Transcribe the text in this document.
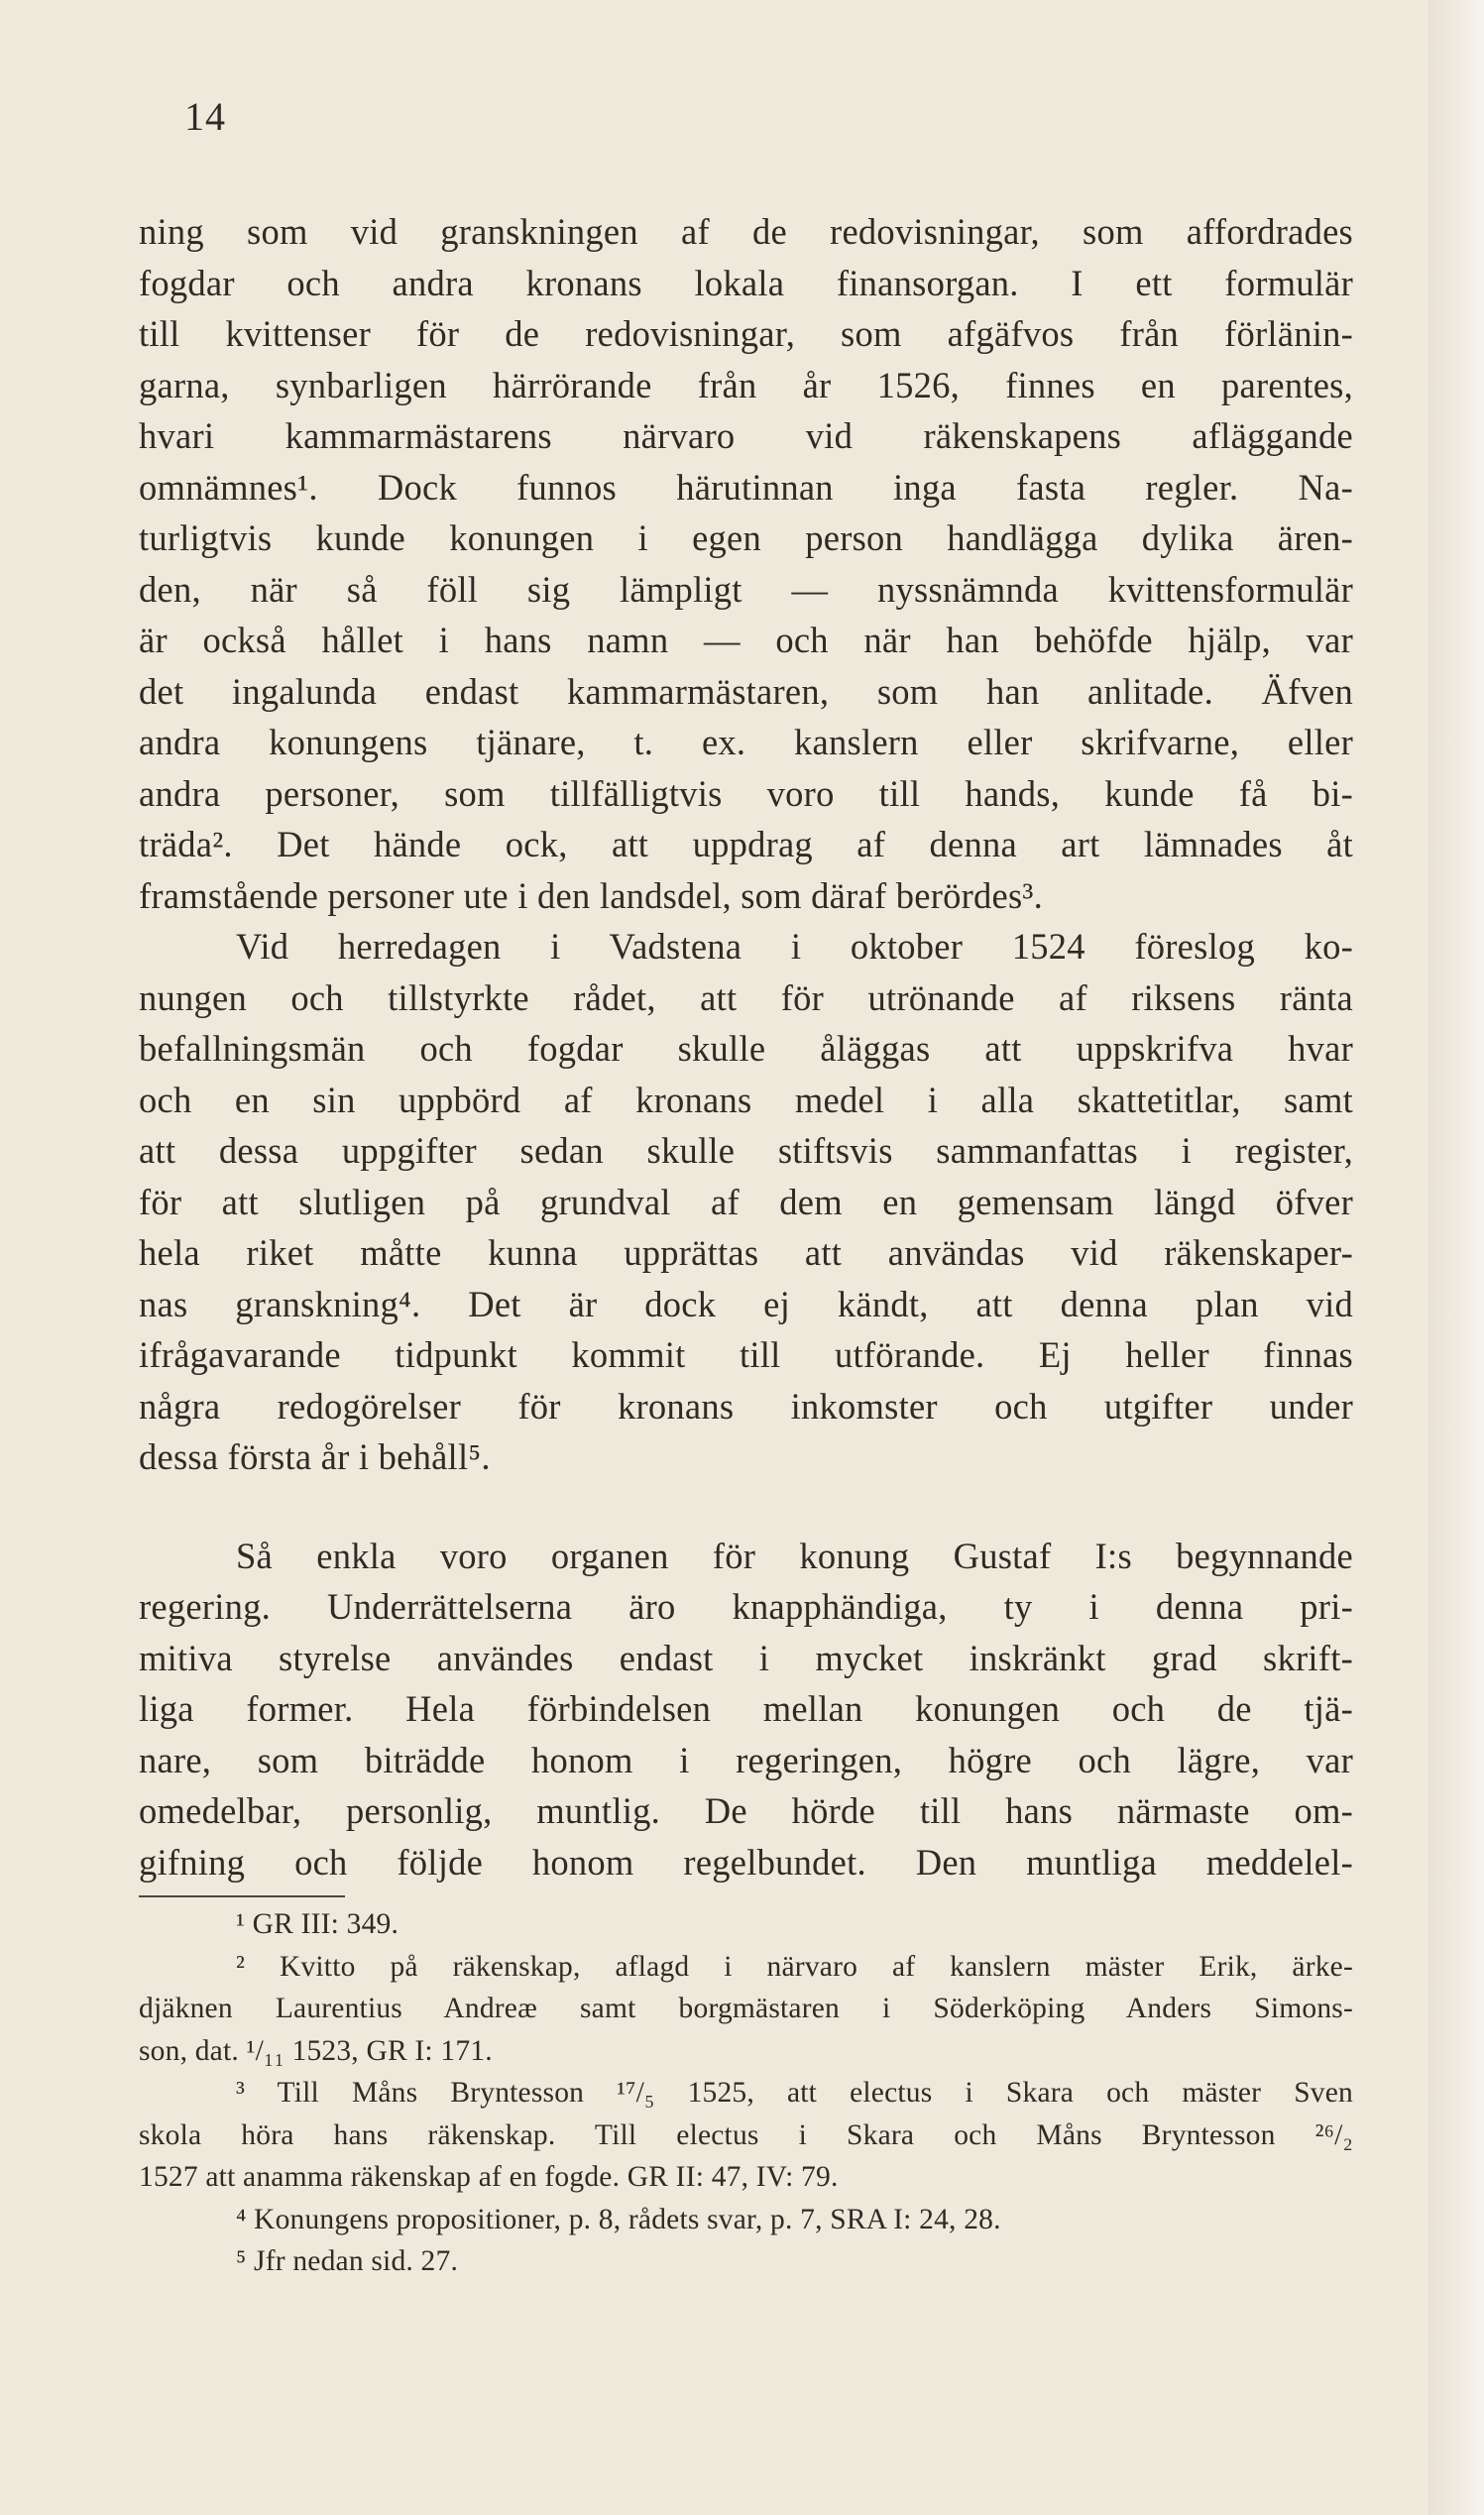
14
ning som vid granskningen af de redovisningar, som affordrades
fogdar och andra kronans lokala finansorgan. I ett formulär
till kvittenser för de redovisningar, som afgäfvos från förlänin-
garna, synbarligen härrörande från år 1526, finnes en parentes,
hvari kammarmästarens närvaro vid räkenskapens afläggande
omnämnes¹. Dock funnos härutinnan inga fasta regler. Na-
turligtvis kunde konungen i egen person handlägga dylika ären-
den, när så föll sig lämpligt — nyssnämnda kvittensformulär
är också hållet i hans namn — och när han behöfde hjälp, var
det ingalunda endast kammarmästaren, som han anlitade. Äfven
andra konungens tjänare, t. ex. kanslern eller skrifvarne, eller
andra personer, som tillfälligtvis voro till hands, kunde få bi-
träda². Det hände ock, att uppdrag af denna art lämnades åt
framstående personer ute i den landsdel, som däraf berördes³.
Vid herredagen i Vadstena i oktober 1524 föreslog ko-
nungen och tillstyrkte rådet, att för utrönande af riksens ränta
befallningsmän och fogdar skulle åläggas att uppskrifva hvar
och en sin uppbörd af kronans medel i alla skattetitlar, samt
att dessa uppgifter sedan skulle stiftsvis sammanfattas i register,
för att slutligen på grundval af dem en gemensam längd öfver
hela riket måtte kunna upprättas att användas vid räkenskaper-
nas granskning⁴. Det är dock ej kändt, att denna plan vid
ifrågavarande tidpunkt kommit till utförande. Ej heller finnas
några redogörelser för kronans inkomster och utgifter under
dessa första år i behåll⁵.
Så enkla voro organen för konung Gustaf I:s begynnande
regering. Underrättelserna äro knapphändiga, ty i denna pri-
mitiva styrelse användes endast i mycket inskränkt grad skrift-
liga former. Hela förbindelsen mellan konungen och de tjä-
nare, som biträdde honom i regeringen, högre och lägre, var
omedelbar, personlig, muntlig. De hörde till hans närmaste om-
gifning och följde honom regelbundet. Den muntliga meddelel-
¹ GR III: 349.
² Kvitto på räkenskap, aflagd i närvaro af kanslern mäster Erik, ärke-
djäknen Laurentius Andreæ samt borgmästaren i Söderköping Anders Simons-
son, dat. ¹/₁₁ 1523, GR I: 171.
³ Till Måns Bryntesson ¹⁷/₅ 1525, att electus i Skara och mäster Sven
skola höra hans räkenskap. Till electus i Skara och Måns Bryntesson ²⁶/₂
1527 att anamma räkenskap af en fogde. GR II: 47, IV: 79.
⁴ Konungens propositioner, p. 8, rådets svar, p. 7, SRA I: 24, 28.
⁵ Jfr nedan sid. 27.
